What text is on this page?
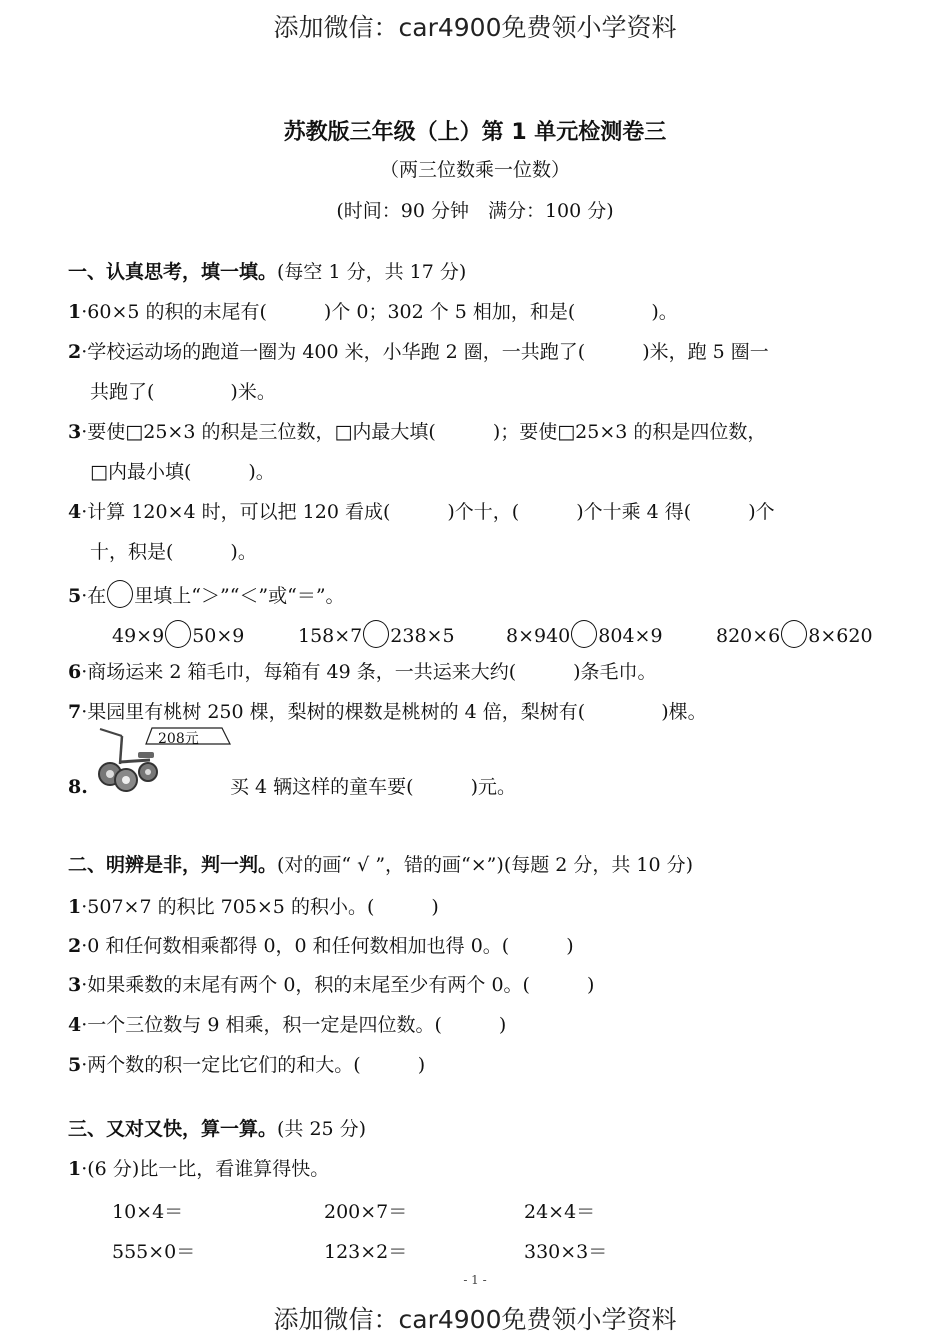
添加微信：car4900免费领小学资料
苏教版三年级（上）第 1 单元检测卷三
（两三位数乘一位数）
(时间：90 分钟　满分：100 分)
一、认真思考，填一填。(每空 1 分，共 17 分)
1·60×5 的积的末尾有(　　　)个 0；302 个 5 相加，和是(　　　　)。
2·学校运动场的跑道一圈为 400 米，小华跑 2 圈，一共跑了(　　　)米，跑 5 圈一
共跑了(　　　　)米。
3·要使□25×3 的积是三位数，□内最大填(　　　)；要使□25×3 的积是四位数，
□内最小填(　　　)。
4·计算 120×4 时，可以把 120 看成(　　　)个十，(　　　)个十乘 4 得(　　　)个
十，积是(　　　)。
5·在 里填上“＞”“＜”或“＝”。
49×9 50×9	158×7 238×5	8×940 804×9	820×6 8×620
6·商场运来 2 箱毛巾，每箱有 49 条，一共运来大约(　　　)条毛巾。
7·果园里有桃树 250 棵，梨树的棵数是桃树的 4 倍，梨树有(　　　　)棵。
208元
8.	买 4 辆这样的童车要(　　　)元。
二、明辨是非，判一判。(对的画“ √ ”，错的画“×”)(每题 2 分，共 10 分)
1·507×7 的积比 705×5 的积小。(　　　)
2·0 和任何数相乘都得 0，0 和任何数相加也得 0。(　　　)
3·如果乘数的末尾有两个 0，积的末尾至少有两个 0。(　　　)
4·一个三位数与 9 相乘，积一定是四位数。(　　　)
5·两个数的积一定比它们的和大。(　　　)
三、又对又快，算一算。(共 25 分)
1·(6 分)比一比，看谁算得快。
10×4＝	200×7＝	24×4＝
555×0＝	123×2＝	330×3＝
- 1 -
添加微信：car4900免费领小学资料
